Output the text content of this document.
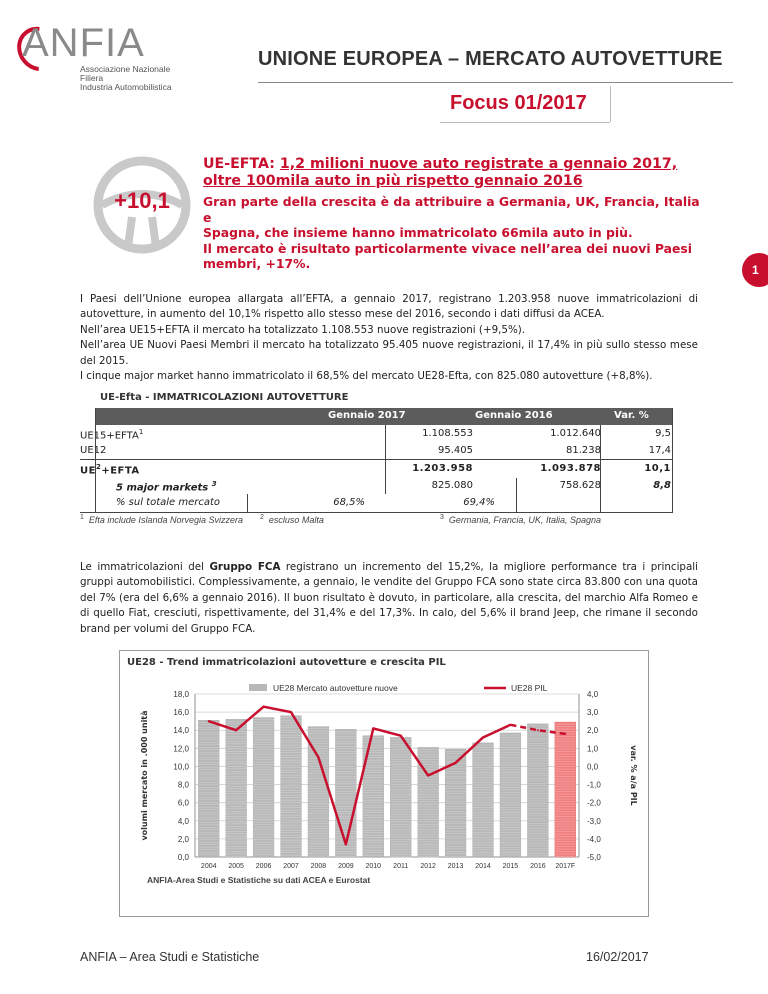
ANFIA
Associazione Nazionale
Filiera
Industria Automobilistica
UNIONE EUROPEA – MERCATO AUTOVETTURE
Focus 01/2017
+10,1
UE-EFTA: 1,2 milioni nuove auto registrate a gennaio 2017,
oltre 100mila auto in più rispetto gennaio 2016
Gran parte della crescita è da attribuire a Germania, UK, Francia, Italia e
Spagna, che insieme hanno immatricolato 66mila auto in più.
Il mercato è risultato particolarmente vivace nell’area dei nuovi Paesi
membri, +17%.	1

I Paesi dell’Unione europea allargata all’EFTA, a gennaio 2017, registrano 1.203.958 nuove immatricolazioni di autovetture, in aumento del 10,1% rispetto allo stesso mese del 2016, secondo i dati diffusi da ACEA.

Nell’area UE15+EFTA il mercato ha totalizzato 1.108.553 nuove registrazioni (+9,5%).

Nell’area UE Nuovi Paesi Membri il mercato ha totalizzato 95.405 nuove registrazioni, il 17,4% in più sullo stesso mese del 2015.

I cinque major market hanno immatricolato il 68,5% del mercato UE28-Efta, con 825.080 autovetture (+8,8%).

UE-Efta - IMMATRICOLAZIONI AUTOVETTURE
Gennaio 2017	Gennaio 2016	Var. %
$UE15+EFTA^1$	1.108.553	1.012.640	9,5
UE12	95.405	81.238	17,4
$UE^2+EFTA$	1.203.958	1.093.878	10,1
5 major markets $^3$	825.080	758.628	8,8
% sul totale mercato	68,5%	69,4%
$^1$ Efta include Islanda Norvegia Svizzera $^2$ escluso Malta	$^3$ Germania, Francia, UK, Italia, Spagna

Le immatricolazioni del Gruppo FCA registrano un incremento del 15,2%, la migliore performance tra i principali gruppi automobilistici. Complessivamente, a gennaio, le vendite del Gruppo FCA sono state circa 83.800 con una quota del 7% (era del 6,6% a gennaio 2016). Il buon risultato è dovuto, in particolare, alla crescita, del marchio Alfa Romeo e di quello Fiat, cresciuti, rispettivamente, del 31,4% e del 17,3%. In calo, del 5,6% il brand Jeep, che rimane il secondo brand per volumi del Gruppo FCA.

UE28 - Trend immatricolazioni autovetture e crescita PIL
UE28 Mercato autovetture nuove	UE28 PIL
0,0
2,0
4,0
6,0
8,0
10,0
12,0
14,0
16,0
18,0
-5,0
-4,0
-3,0
-2,0
-1,0
0,0
1,0
2,0
3,0
4,0
2004 2005 2006 2007 2008 2009 2010 2011 2012 2013 2014 2015 2016 2017F
volumi mercato in .000 unità	var. % a/a PIL
ANFIA-Area Studi e Statistiche su dati ACEA e Eurostat
ANFIA – Area Studi e Statistiche	16/02/2017
